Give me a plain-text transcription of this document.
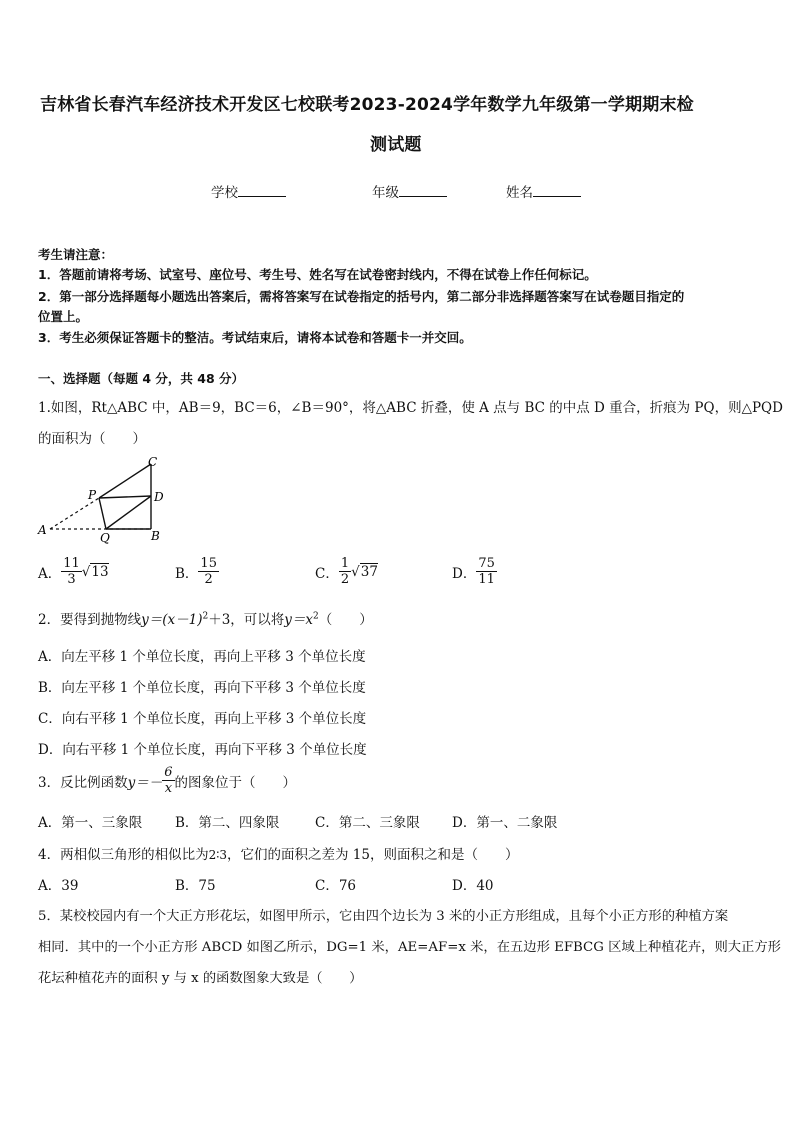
吉林省长春汽车经济技术开发区七校联考2023-2024学年数学九年级第一学期期末检
测试题
学校	年级	姓名
考生请注意：
1．答题前请将考场、试室号、座位号、考生号、姓名写在试卷密封线内，不得在试卷上作任何标记。
2．第一部分选择题每小题选出答案后，需将答案写在试卷指定的括号内，第二部分非选择题答案写在试卷题目指定的
位置上。
3．考生必须保证答题卡的整洁。考试结束后，请将本试卷和答题卡一并交回。
一、选择题（每题 4 分，共 48 分）
1.如图，Rt△ABC 中，AB＝9，BC＝6，∠B＝90°，将△ABC 折叠，使 A 点与 BC 的中点 D 重合，折痕为 PQ，则△PQD
的面积为（　　）
C
P	D
A
Q	B
A． $\frac{11}{3}$ √ 13	B． $\frac{15}{2}$	C． $\frac{1}{2}$ √ 37	D． $\frac{75}{11}$
2．要得到抛物线$y=(x-1)^2+3$，可以将$y=x^2$（　　）
A．向左平移 1 个单位长度，再向上平移 3 个单位长度
B．向左平移 1 个单位长度，再向下平移 3 个单位长度
C．向右平移 1 个单位长度，再向上平移 3 个单位长度
D．向右平移 1 个单位长度，再向下平移 3 个单位长度
3．反比例函数 $y=- \frac{6}{x}$ 的图象位于（　　）
A．第一、三象限 B．第二、四象限	C．第二、三象限 D．第一、二象限
4．两相似三角形的相似比为2∶3，它们的面积之差为 15，则面积之和是（　　）
A．39	B．75	C．76	D．40
5．某校校园内有一个大正方形花坛，如图甲所示，它由四个边长为 3 米的小正方形组成，且每个小正方形的种植方案
相同．其中的一个小正方形 ABCD 如图乙所示，DG=1 米，AE=AF=x 米，在五边形 EFBCG 区域上种植花卉，则大正方形
花坛种植花卉的面积 y 与 x 的函数图象大致是（　　）
